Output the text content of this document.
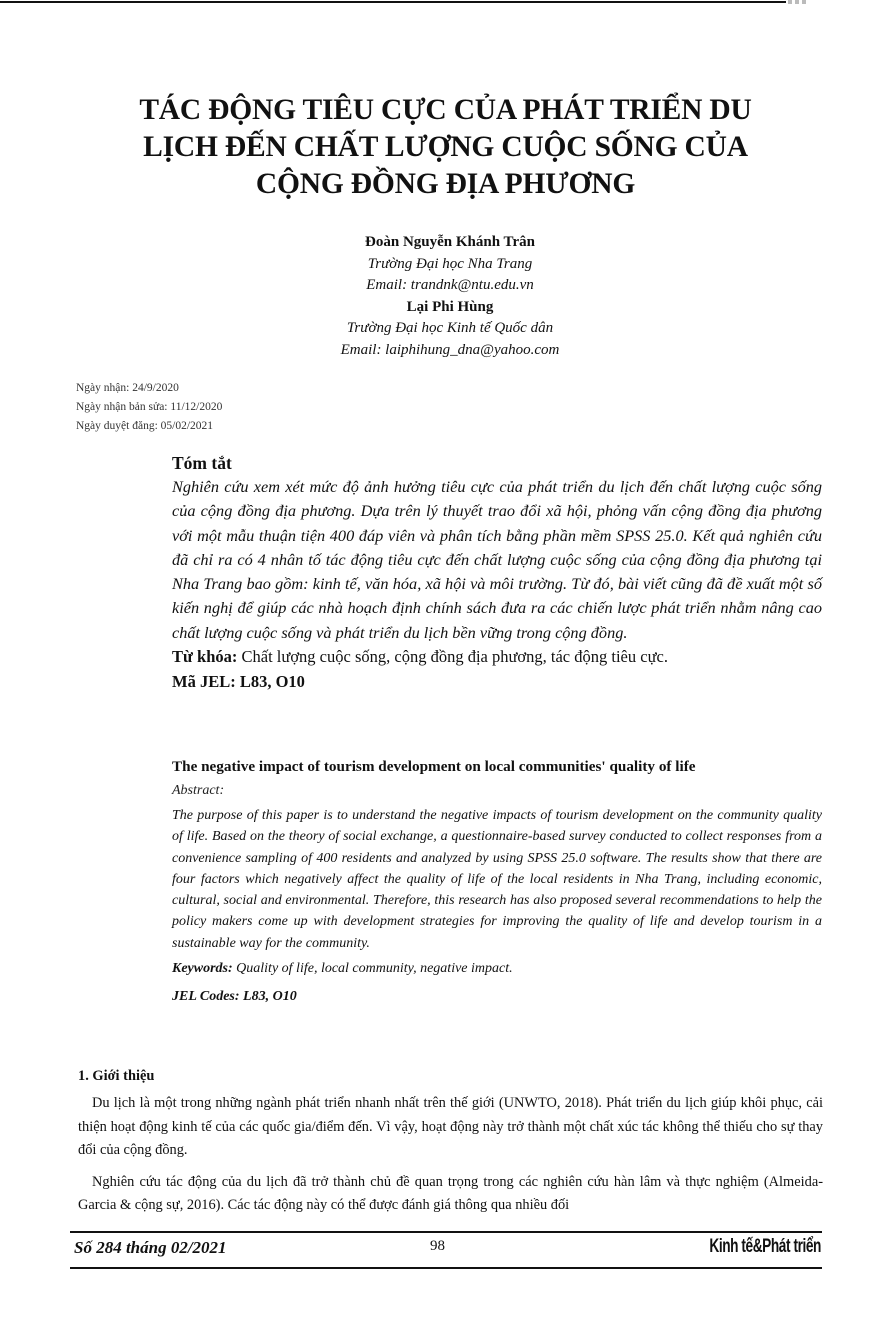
TÁC ĐỘNG TIÊU CỰC CỦA PHÁT TRIỂN DU
LỊCH ĐẾN CHẤT LƯỢNG CUỘC SỐNG CỦA
CỘNG ĐỒNG ĐỊA PHƯƠNG
Đoàn Nguyễn Khánh Trân
Trường Đại học Nha Trang
Email: trandnk@ntu.edu.vn
Lại Phi Hùng
Trường Đại học Kinh tế Quốc dân
Email: laiphihung_dna@yahoo.com
Ngày nhận: 24/9/2020
Ngày nhận bản sửa: 11/12/2020
Ngày duyệt đăng: 05/02/2021
Tóm tắt
Nghiên cứu xem xét mức độ ảnh hưởng tiêu cực của phát triển du lịch đến chất lượng cuộc sống của cộng đồng địa phương. Dựa trên lý thuyết trao đổi xã hội, phỏng vấn cộng đồng địa phương với một mẫu thuận tiện 400 đáp viên và phân tích bằng phần mềm SPSS 25.0. Kết quả nghiên cứu đã chỉ ra có 4 nhân tố tác động tiêu cực đến chất lượng cuộc sống của cộng đồng địa phương tại Nha Trang bao gồm: kinh tế, văn hóa, xã hội và môi trường. Từ đó, bài viết cũng đã đề xuất một số kiến nghị để giúp các nhà hoạch định chính sách đưa ra các chiến lược phát triển nhằm nâng cao chất lượng cuộc sống và phát triển du lịch bền vững trong cộng đồng.
Từ khóa: Chất lượng cuộc sống, cộng đồng địa phương, tác động tiêu cực.
Mã JEL: L83, O10
The negative impact of tourism development on local communities' quality of life
Abstract:
The purpose of this paper is to understand the negative impacts of tourism development on the community quality of life. Based on the theory of social exchange, a questionnaire-based survey conducted to collect responses from a convenience sampling of 400 residents and analyzed by using SPSS 25.0 software. The results show that there are four factors which negatively affect the quality of life of the local residents in Nha Trang, including economic, cultural, social and environmental. Therefore, this research has also proposed several recommendations to help the policy makers come up with development strategies for improving the quality of life and develop tourism in a sustainable way for the community.
Keywords: Quality of life, local community, negative impact.
JEL Codes: L83, O10
1. Giới thiệu

Du lịch là một trong những ngành phát triển nhanh nhất trên thế giới (UNWTO, 2018). Phát triển du lịch giúp khôi phục, cải thiện hoạt động kinh tế của các quốc gia/điểm đến. Vì vậy, hoạt động này trở thành một chất xúc tác không thể thiếu cho sự thay đổi của cộng đồng.

Nghiên cứu tác động của du lịch đã trở thành chủ đề quan trọng trong các nghiên cứu hàn lâm và thực nghiệm (Almeida-Garcia & cộng sự, 2016). Các tác động này có thể được đánh giá thông qua nhiều đối

Số 284 tháng 02/2021	98	Kinh tế&Phát triển
